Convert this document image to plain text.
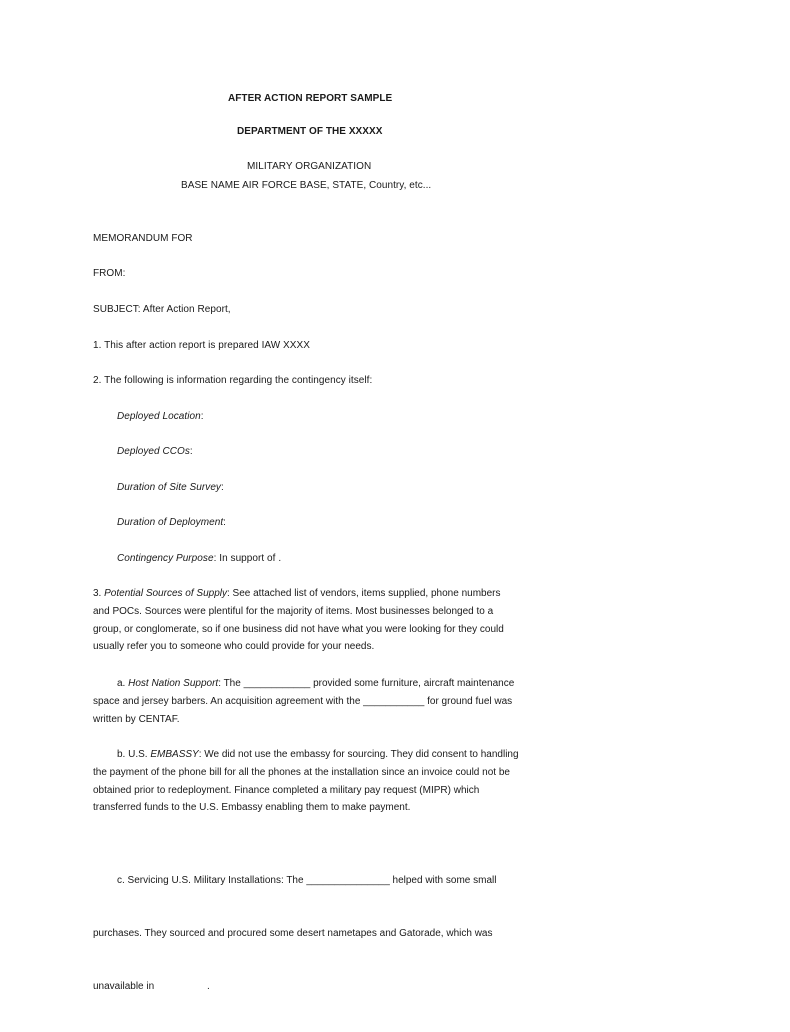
AFTER ACTION REPORT SAMPLE
DEPARTMENT OF THE XXXXX
MILITARY ORGANIZATION
BASE NAME AIR FORCE BASE, STATE, Country, etc...
MEMORANDUM FOR
FROM:
SUBJECT: After Action Report,
1. This after action report is prepared IAW XXXX
2. The following is information regarding the contingency itself:
Deployed Location:
Deployed CCOs:
Duration of Site Survey:
Duration of Deployment:
Contingency Purpose: In support of .
3. Potential Sources of Supply: See attached list of vendors, items supplied, phone numbers
and POCs. Sources were plentiful for the majority of items. Most businesses belonged to a
group, or conglomerate, so if one business did not have what you were looking for they could
usually refer you to someone who could provide for your needs.
a. Host Nation Support: The ____________ provided some furniture, aircraft maintenance
space and jersey barbers. An acquisition agreement with the ___________ for ground fuel was
written by CENTAF.
b. U.S. EMBASSY: We did not use the embassy for sourcing. They did consent to handling
the payment of the phone bill for all the phones at the installation since an invoice could not be
obtained prior to redeployment. Finance completed a military pay request (MIPR) which
transferred funds to the U.S. Embassy enabling them to make payment.

c. Servicing U.S. Military Installations: The _______________ helped with some small

purchases. They sourced and procured some desert nametapes and Gatorade, which was

unavailable in                   .
